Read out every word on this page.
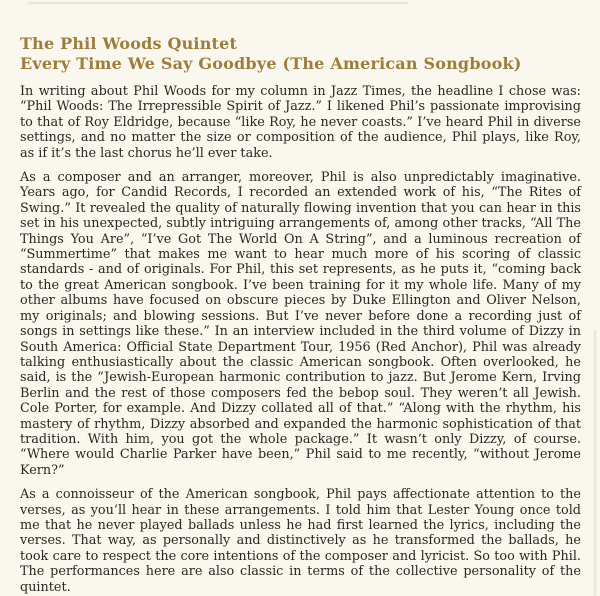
The Phil Woods Quintet
Every Time We Say Goodbye (The American Songbook)

In writing about Phil Woods for my column in Jazz Times, the headline I chose was: “Phil Woods: The Irrepressible Spirit of Jazz.” I likened Phil’s passionate improvising to that of Roy Eldridge, because “like Roy, he never coasts.” I’ve heard Phil in diverse settings, and no matter the size or composition of the audience, Phil plays, like Roy, as if it’s the last chorus he’ll ever take.

As a composer and an arranger, moreover, Phil is also unpredictably imaginative. Years ago, for Candid Records, I recorded an extended work of his, “The Rites of Swing.” It revealed the quality of naturally flowing invention that you can hear in this set in his unexpected, subtly intriguing arrangements of, among other tracks, “All The Things You Are”, “I’ve Got The World On A String”, and a luminous recreation of “Summertime” that makes me want to hear much more of his scoring of classic standards - and of originals. For Phil, this set represents, as he puts it, “coming back to the great American songbook. I’ve been training for it my whole life. Many of my other albums have focused on obscure pieces by Duke Ellington and Oliver Nelson, my originals; and blowing sessions. But I’ve never before done a recording just of songs in settings like these.” In an interview included in the third volume of Dizzy in South America: Official State Department Tour, 1956 (Red Anchor), Phil was already talking enthusiastically about the classic American songbook. Often overlooked, he said, is the “Jewish-European harmonic contribution to jazz. But Jerome Kern, Irving Berlin and the rest of those composers fed the bebop soul. They weren’t all Jewish. Cole Porter, for example. And Dizzy collated all of that.” “Along with the rhythm, his mastery of rhythm, Dizzy absorbed and expanded the harmonic sophistication of that tradition. With him, you got the whole package.” It wasn’t only Dizzy, of course. “Where would Charlie Parker have been,” Phil said to me recently, “without Jerome Kern?”

As a connoisseur of the American songbook, Phil pays affectionate attention to the verses, as you’ll hear in these arrangements. I told him that Lester Young once told me that he never played ballads unless he had first learned the lyrics, including the verses. That way, as personally and distinctively as he transformed the ballads, he took care to respect the core intentions of the composer and lyricist. So too with Phil. The performances here are also classic in terms of the collective personality of the quintet.
